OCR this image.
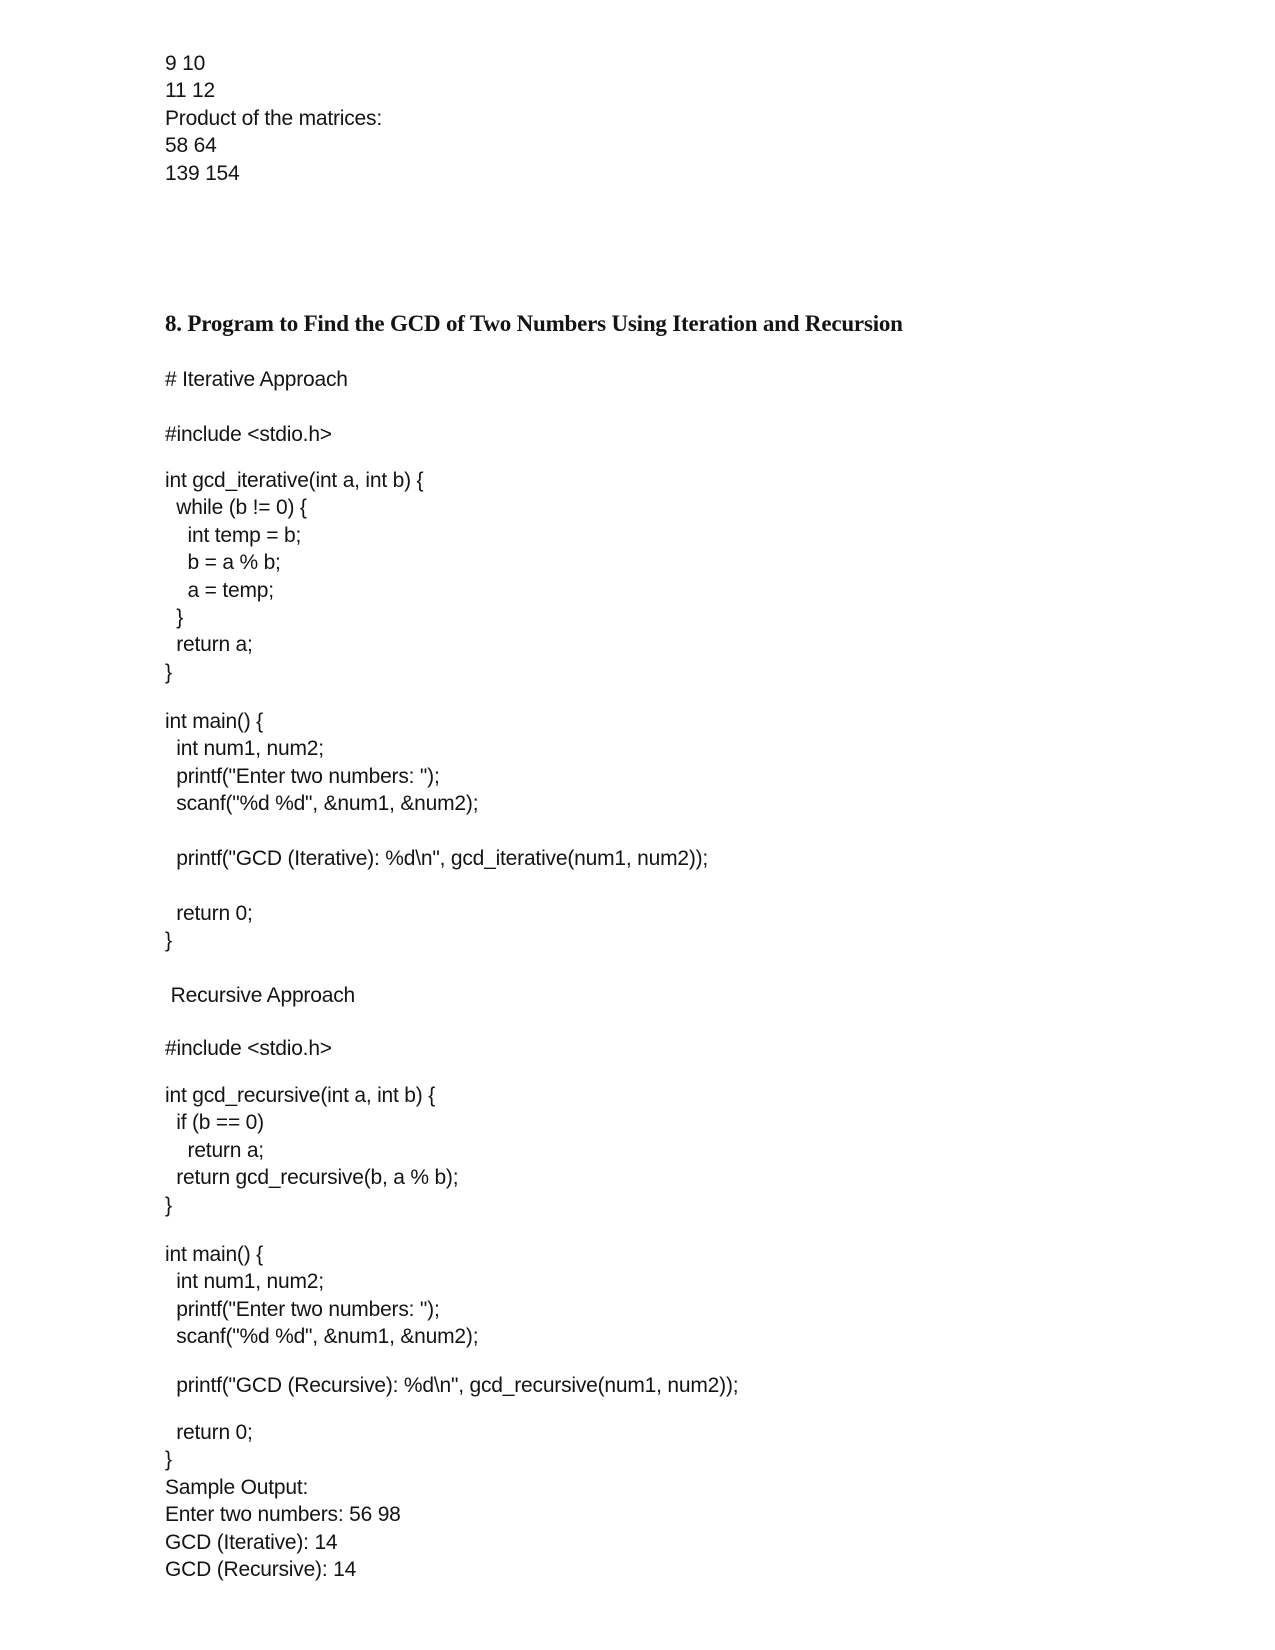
9 10
11 12
Product of the matrices:
58 64
139 154
8. Program to Find the GCD of Two Numbers Using Iteration and Recursion
# Iterative Approach
#include <stdio.h>
int gcd_iterative(int a, int b) {
while (b != 0) {
int temp = b;
b = a % b;
a = temp;
}
return a;
}
int main() {
int num1, num2;
printf("Enter two numbers: ");
scanf("%d %d", &num1, &num2);
printf("GCD (Iterative): %d\n", gcd_iterative(num1, num2));
return 0;
}
Recursive Approach
#include <stdio.h>
int gcd_recursive(int a, int b) {
if (b == 0)
return a;
return gcd_recursive(b, a % b);
}
int main() {
int num1, num2;
printf("Enter two numbers: ");
scanf("%d %d", &num1, &num2);
printf("GCD (Recursive): %d\n", gcd_recursive(num1, num2));
return 0;
}
Sample Output:
Enter two numbers: 56 98
GCD (Iterative): 14
GCD (Recursive): 14
